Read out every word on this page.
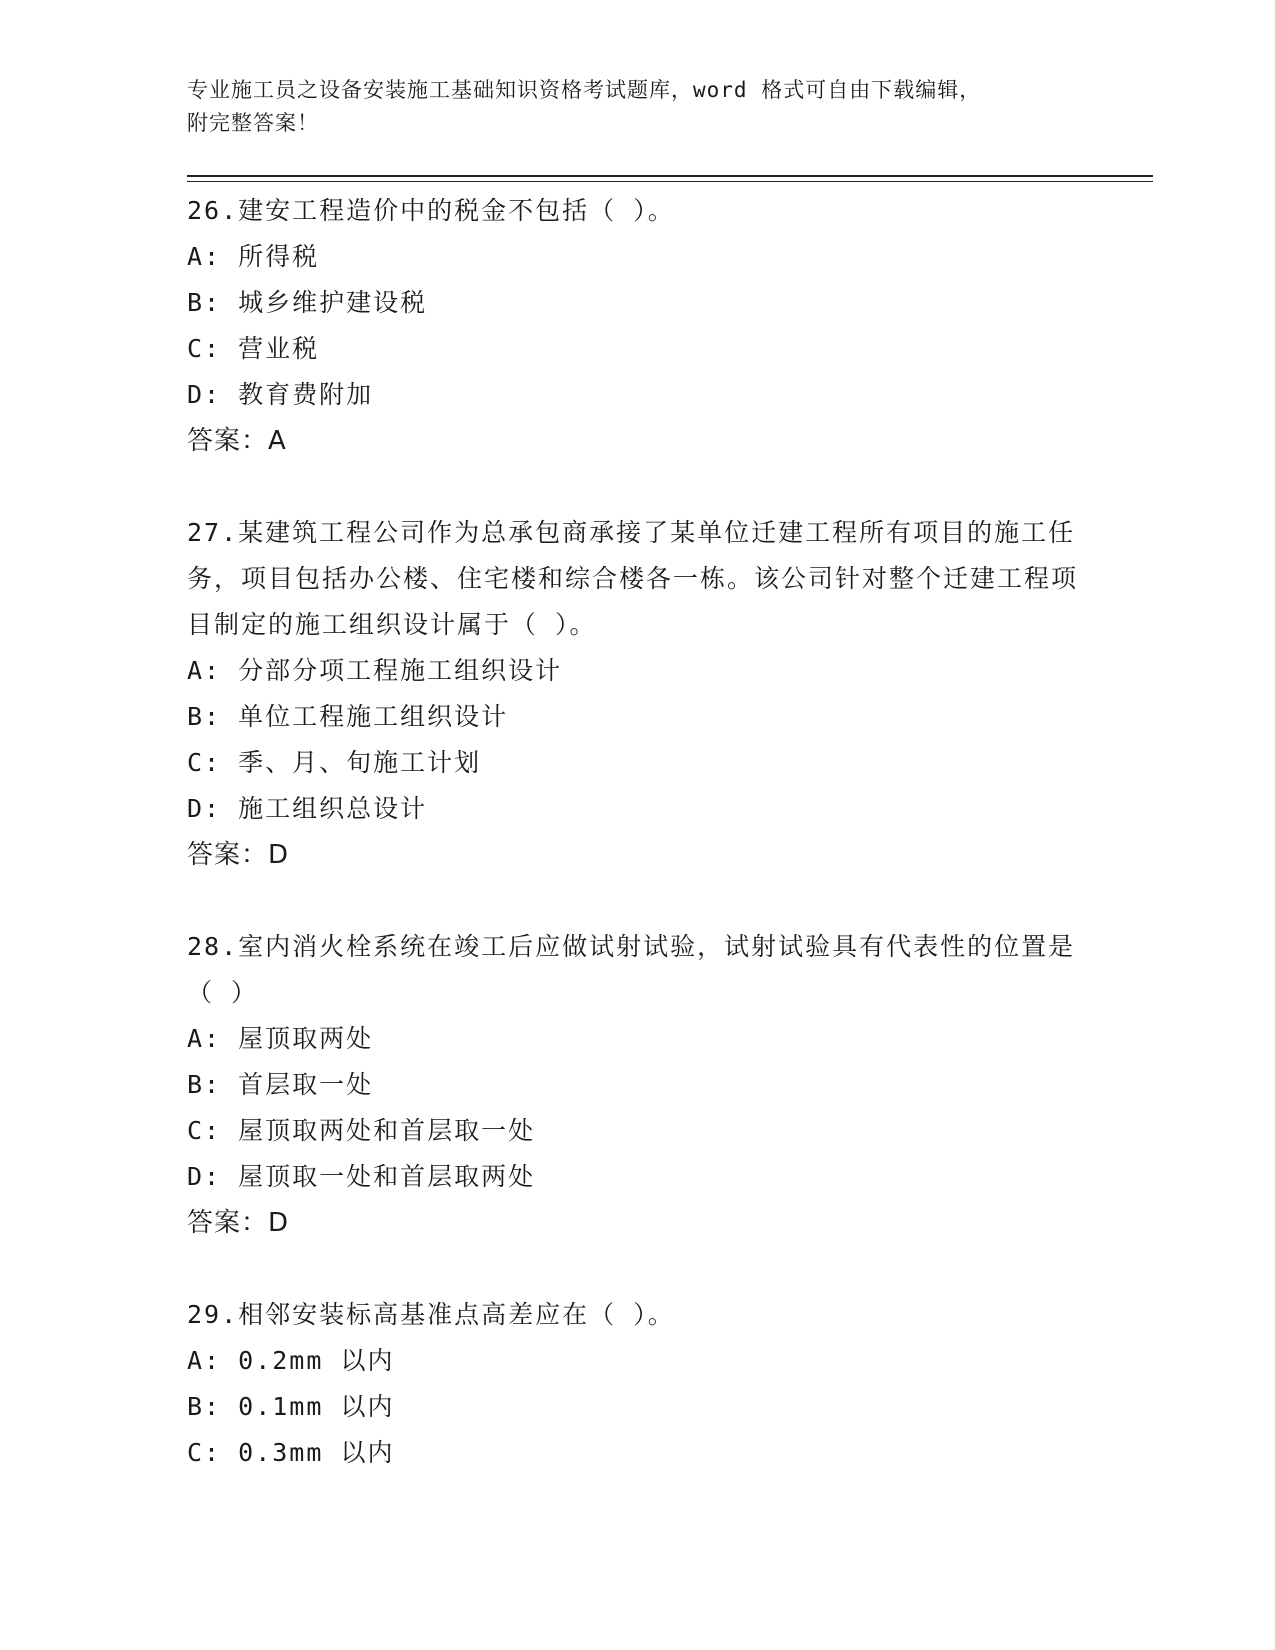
专业施工员之设备安装施工基础知识资格考试题库，word 格式可自由下载编辑，
附完整答案！
26.建安工程造价中的税金不包括（ ）。
A: 所得税
B: 城乡维护建设税
C: 营业税
D: 教育费附加
答案：A
27.某建筑工程公司作为总承包商承接了某单位迁建工程所有项目的施工任务，项目包括办公楼、住宅楼和综合楼各一栋。该公司针对整个迁建工程项目制定的施工组织设计属于（ ）。
A: 分部分项工程施工组织设计
B: 单位工程施工组织设计
C: 季、月、旬施工计划
D: 施工组织总设计
答案：D
28.室内消火栓系统在竣工后应做试射试验，试射试验具有代表性的位置是（ ）
A: 屋顶取两处
B: 首层取一处
C: 屋顶取两处和首层取一处
D: 屋顶取一处和首层取两处
答案：D
29.相邻安装标高基准点高差应在（ ）。
A: 0.2mm 以内
B: 0.1mm 以内
C: 0.3mm 以内
